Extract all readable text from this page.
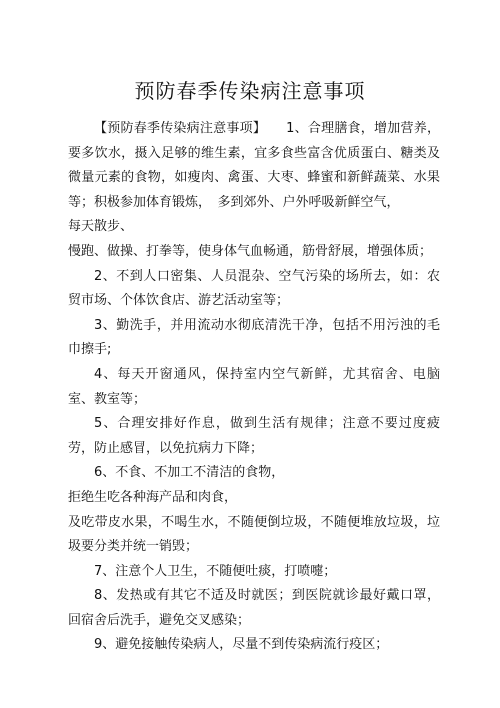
预防春季传染病注意事项

【预防春季传染病注意事项】　　1、合理膳食，增加营养，要多饮水，摄入足够的维生素，宜多食些富含优质蛋白、糖类及微量元素的食物，如瘦肉、禽蛋、大枣、蜂蜜和新鲜蔬菜、水果等；积极参加体育锻炼，　多到郊外、户外呼吸新鲜空气，

每天散步、

慢跑、做操、打拳等，使身体气血畅通，筋骨舒展，增强体质；

2、不到人口密集、人员混杂、空气污染的场所去，如：农贸市场、个体饮食店、游艺活动室等；

3、勤洗手，并用流动水彻底清洗干净，包括不用污浊的毛巾擦手;

4、每天开窗通风，保持室内空气新鲜，尤其宿舍、电脑室、教室等；

5、合理安排好作息，做到生活有规律；注意不要过度疲劳，防止感冒，以免抗病力下降；

6、不食、不加工不清洁的食物，

拒绝生吃各种海产品和肉食，

及吃带皮水果，不喝生水，不随便倒垃圾，不随便堆放垃圾，垃圾要分类并统一销毁；

7、注意个人卫生，不随便吐痰，打喷嚏；

8、发热或有其它不适及时就医；到医院就诊最好戴口罩，回宿舍后洗手，避免交叉感染；

9、避免接触传染病人，尽量不到传染病流行疫区；
